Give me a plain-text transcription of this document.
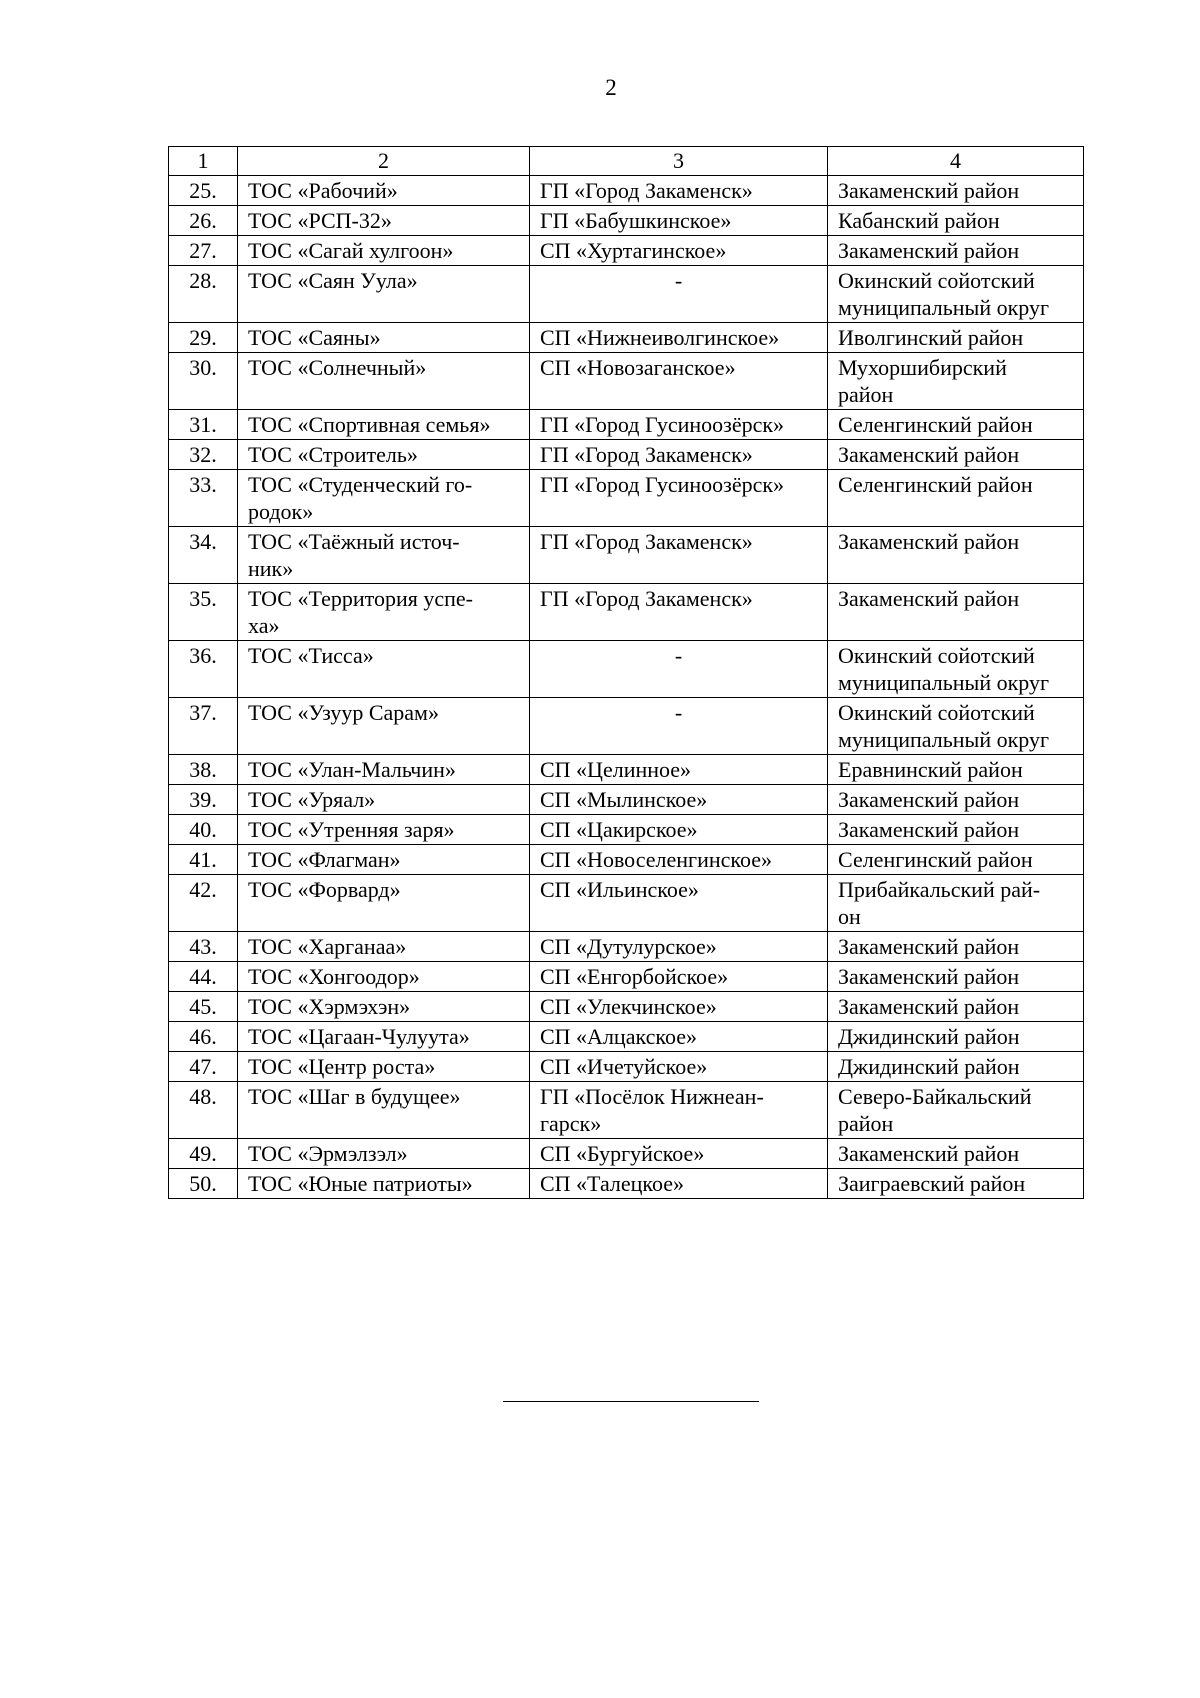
2
1	2	3	4

25.	ТОС «Рабочий»	ГП «Город Закаменск»	Закаменский район

26.	ТОС «РСП-32»	ГП «Бабушкинское»	Кабанский район

27.	ТОС «Сагай хулгоон»	СП «Хуртагинское»	Закаменский район

28.	ТОС «Саян Уула»	-	Окинский сойотский
муниципальный округ

29.	ТОС «Саяны»	СП «Нижнеиволгинское»	Иволгинский район

30.	ТОС «Солнечный»	СП «Новозаганское»	Мухоршибирский
район

31.	ТОС «Спортивная семья»	ГП «Город Гусиноозёрск»	Селенгинский район

32.	ТОС «Строитель»	ГП «Город Закаменск»	Закаменский район

33.	ТОС «Студенческий го-
родок»	ГП «Город Гусиноозёрск»	Селенгинский район

34.	ТОС «Таёжный источ-
ник»	ГП «Город Закаменск»	Закаменский район

35.	ТОС «Территория успе-
ха»	ГП «Город Закаменск»	Закаменский район

36.	ТОС «Тисса»	-	Окинский сойотский
муниципальный округ

37.	ТОС «Узуур Сарам»	-	Окинский сойотский
муниципальный округ

38.	ТОС «Улан-Мальчин»	СП «Целинное»	Еравнинский район

39.	ТОС «Уряал»	СП «Мылинское»	Закаменский район

40.	ТОС «Утренняя заря»	СП «Цакирское»	Закаменский район

41.	ТОС «Флагман»	СП «Новоселенгинское»	Селенгинский район

42.	ТОС «Форвард»	СП «Ильинское»	Прибайкальский рай-
он

43.	ТОС «Харганаа»	СП «Дутулурское»	Закаменский район

44.	ТОС «Хонгоодор»	СП «Енгорбойское»	Закаменский район

45.	ТОС «Хэрмэхэн»	СП «Улекчинское»	Закаменский район

46.	ТОС «Цагаан-Чулуута»	СП «Алцакское»	Джидинский район

47.	ТОС «Центр роста»	СП «Ичетуйское»	Джидинский район

48.	ТОС «Шаг в будущее»	ГП «Посёлок Нижнеан-
гарск»	Северо-Байкальский
район

49.	ТОС «Эрмэлзэл»	СП «Бургуйское»	Закаменский район

50.	ТОС «Юные патриоты»	СП «Талецкое»	Заиграевский район
